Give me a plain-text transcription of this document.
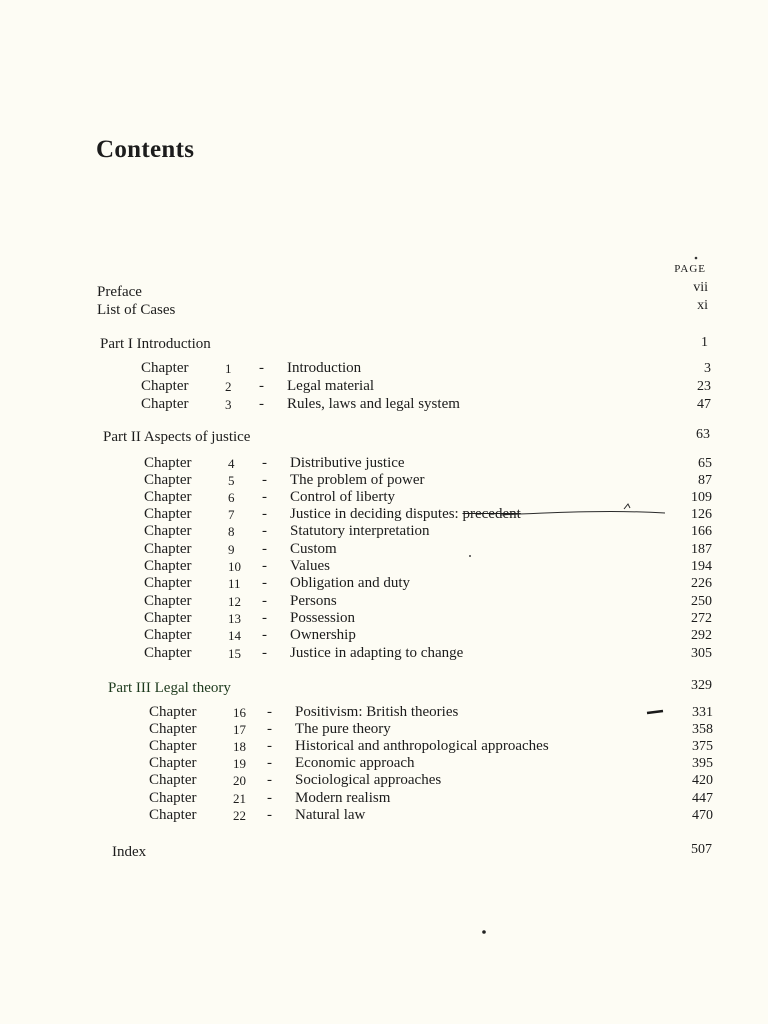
Contents
PAGE
Preface	vii
List of Cases	xi
Part I Introduction	1
Chapter	1	- Introduction	3
Chapter	2	- Legal material	23
Chapter	3	- Rules, laws and legal system	47
Part II Aspects of justice	63
Chapter	4	- Distributive justice	65
Chapter	5	- The problem of power	87
Chapter	6	- Control of liberty	109
Chapter	7	- Justice in deciding disputes: precedent	126
Chapter	8	- Statutory interpretation	166
Chapter	9	- Custom	187
Chapter	10	- Values	194
Chapter	11	- Obligation and duty	226
Chapter	12	- Persons	250
Chapter	13	- Possession	272
Chapter	14	- Ownership	292
Chapter	15	- Justice in adapting to change	305
Part III Legal theory	329
Chapter	16	- Positivism: British theories	331
Chapter	17	- The pure theory	358
Chapter	18	- Historical and anthropological approaches	375
Chapter	19	- Economic approach	395
Chapter	20	- Sociological approaches	420
Chapter	21	- Modern realism	447
Chapter	22	- Natural law	470
Index	507
